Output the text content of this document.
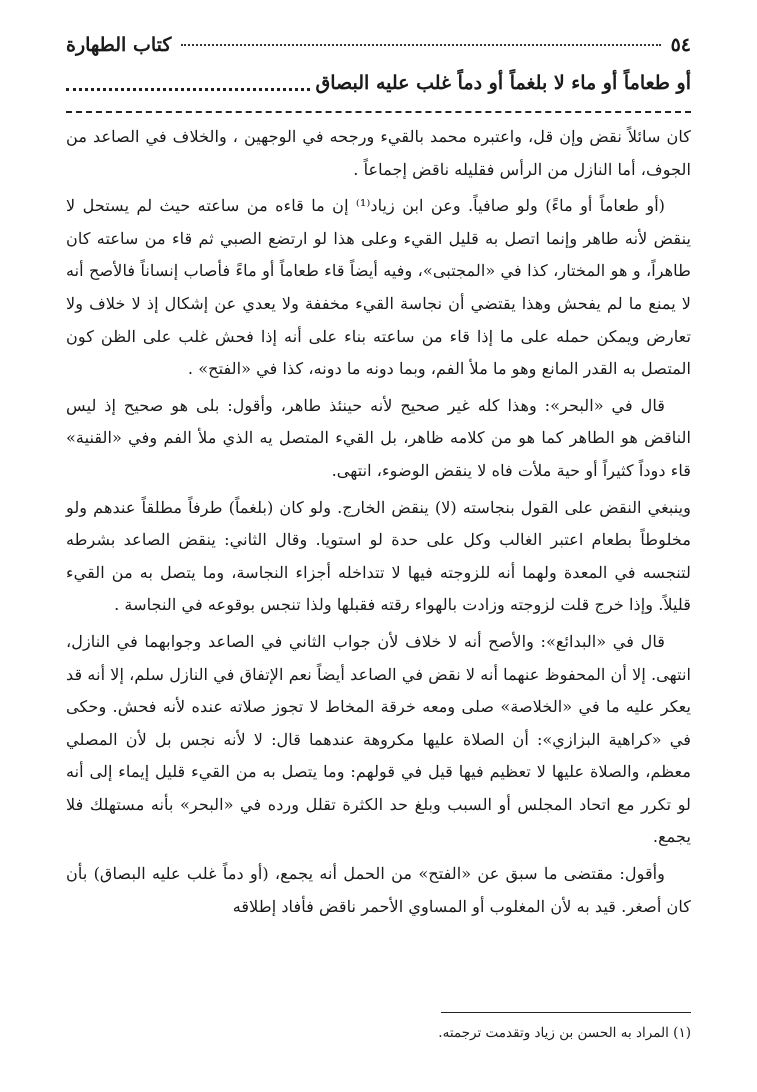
٥٤
كتاب الطهارة
أو طعاماً أو ماء لا بلغماً أو دماً غلب عليه البصاق

كان سائلاً نقض وإن قل، واعتبره محمد بالقيء ورجحه في الوجهين ، والخلاف في الصاعد من الجوف، أما النازل من الرأس فقليله ناقض إجماعاً .

(أو طعاماً أو ماءً) ولو صافياً. وعن ابن زياد⁽¹⁾ إن ما قاءه من ساعته حيث لم يستحل لا ينقض لأنه طاهر وإنما اتصل به قليل القيء وعلى هذا لو ارتضع الصبي ثم قاء من ساعته كان طاهراً، و هو المختار، كذا في «المجتبى»، وفيه أيضاً قاء طعاماً أو ماءً فأصاب إنساناً فالأصح أنه لا يمنع ما لم يفحش وهذا يقتضي أن نجاسة القيء مخففة ولا يعدي عن إشكال إذ لا خلاف ولا تعارض ويمكن حمله على ما إذا قاء من ساعته بناء على أنه إذا فحش غلب على الظن كون المتصل به القدر المانع وهو ما ملأ الفم، وبما دونه ما دونه، كذا في «الفتح» .

قال في «البحر»: وهذا كله غير صحيح لأنه حينئذ طاهر، وأقول: بلى هو صحيح إذ ليس الناقض هو الطاهر كما هو من كلامه ظاهر، بل القيء المتصل يه الذي ملأ الفم وفي «القنية» قاء دوداً كثيراً أو حية ملأت فاه لا ينقض الوضوء، انتهى.

وينبغي النقض على القول بنجاسته (لا) ينقض الخارج. ولو كان (بلغماً) طرفاً مطلقاً عندهم ولو مخلوطاً بطعام اعتبر الغالب وكل على حدة لو استويا. وقال الثاني: ينقض الصاعد بشرطه لتنجسه في المعدة ولهما أنه للزوجته فيها لا تتداخله أجزاء النجاسة، وما يتصل به من القيء قليلاً. وإذا خرج قلت لزوجته وزادت بالهواء رقته فقبلها ولذا تنجس بوقوعه في النجاسة .

قال في «البدائع»: والأصح أنه لا خلاف لأن جواب الثاني في الصاعد وجوابهما في النازل، انتهى. إلا أن المحفوظ عنهما أنه لا نقض في الصاعد أيضاً نعم الإتفاق في النازل سلم، إلا أنه قد يعكر عليه ما في «الخلاصة» صلى ومعه خرقة المخاط لا تجوز صلاته عنده لأنه فحش. وحكى في «كراهية البزازي»: أن الصلاة عليها مكروهة عندهما قال: لا لأنه نجس بل لأن المصلي معظم، والصلاة عليها لا تعظيم فيها قيل في قولهم: وما يتصل به من القيء قليل إيماء إلى أنه لو تكرر مع اتحاد المجلس أو السبب وبلغ حد الكثرة تقلل ورده في «البحر» بأنه مستهلك فلا يجمع.

وأقول: مقتضى ما سبق عن «الفتح» من الحمل أنه يجمع، (أو دماً غلب عليه البصاق) بأن كان أصغر. قيد به لأن المغلوب أو المساوي الأحمر ناقض فأفاد إطلاقه

(١) المراد به الحسن بن زياد وتقدمت ترجمته.
